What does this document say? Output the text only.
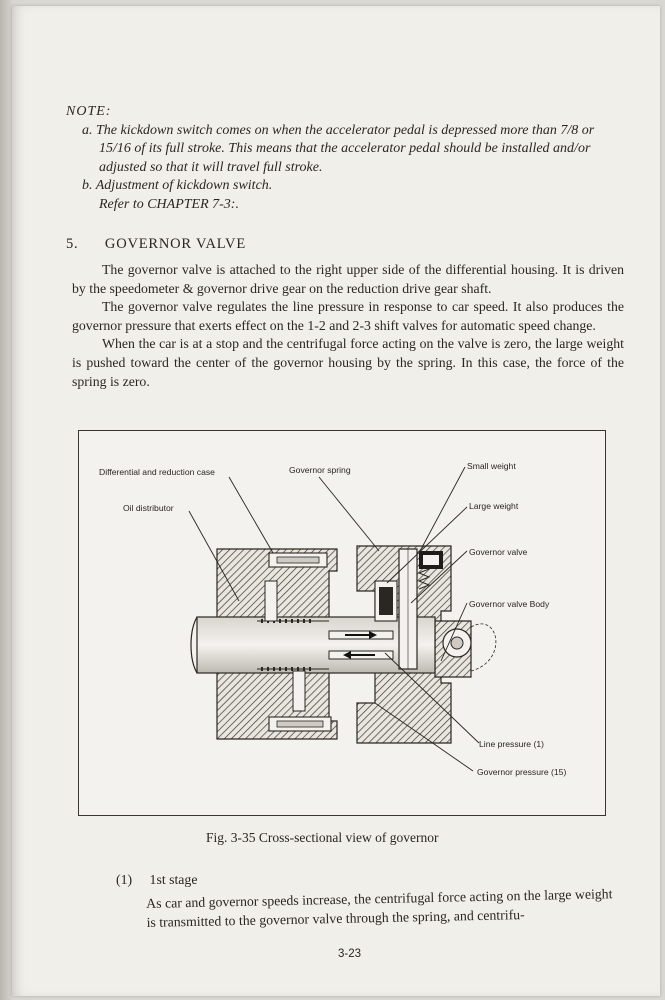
NOTE:
a. The kickdown switch comes on when the accelerator pedal is depressed more than 7/8 or 15/16 of its full stroke. This means that the accelerator pedal should be installed and/or adjusted so that it will travel full stroke.
b. Adjustment of kickdown switch.
Refer to CHAPTER 7-3:.
5. GOVERNOR VALVE

The governor valve is attached to the right upper side of the differential housing. It is driven by the speedometer & governor drive gear on the reduction drive gear shaft.

The governor valve regulates the line pressure in response to car speed. It also produces the governor pressure that exerts effect on the 1-2 and 2-3 shift valves for automatic speed change.

When the car is at a stop and the centrifugal force acting on the valve is zero, the large weight is pushed toward the center of the governor housing by the spring. In this case, the force of the spring is zero.

Differential and reduction case	Governor spring	Small weight
Oil distributor	Large weight
Governor valve
Governor valve Body
Line pressure (1)
Governor pressure (15)
Fig. 3-35 Cross-sectional view of governor
(1) 1st stage
As car and governor speeds increase, the centrifugal force acting on the large weight is transmitted to the governor valve through the spring, and centrifu-
3-23
